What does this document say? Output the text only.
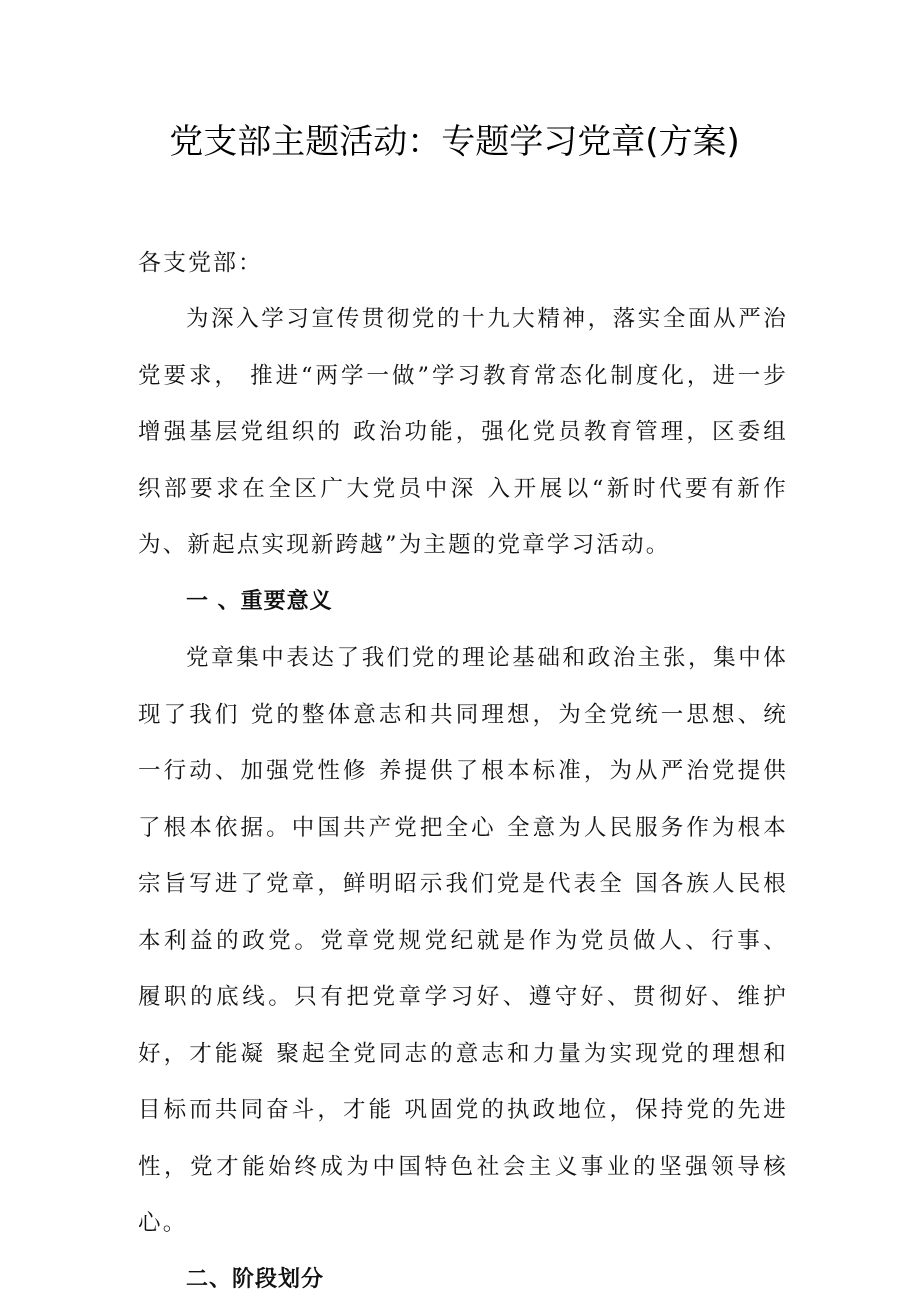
党支部主题活动：专题学习党章(方案)

各支党部：

为深入学习宣传贯彻党的十九大精神，落实全面从严治党要求， 推进“两学一做”学习教育常态化制度化，进一步增强基层党组织的 政治功能，强化党员教育管理，区委组织部要求在全区广大党员中深 入开展以“新时代要有新作为、新起点实现新跨越”为主题的党章学习活动。

一 、重要意义

党章集中表达了我们党的理论基础和政治主张，集中体现了我们 党的整体意志和共同理想，为全党统一思想、统一行动、加强党性修 养提供了根本标准，为从严治党提供了根本依据。中国共产党把全心 全意为人民服务作为根本宗旨写进了党章，鲜明昭示我们党是代表全 国各族人民根本利益的政党。党章党规党纪就是作为党员做人、行事、 履职的底线。只有把党章学习好、遵守好、贯彻好、维护好，才能凝 聚起全党同志的意志和力量为实现党的理想和目标而共同奋斗，才能 巩固党的执政地位，保持党的先进性，党才能始终成为中国特色社会主义事业的坚强领导核心。

二、阶段划分
